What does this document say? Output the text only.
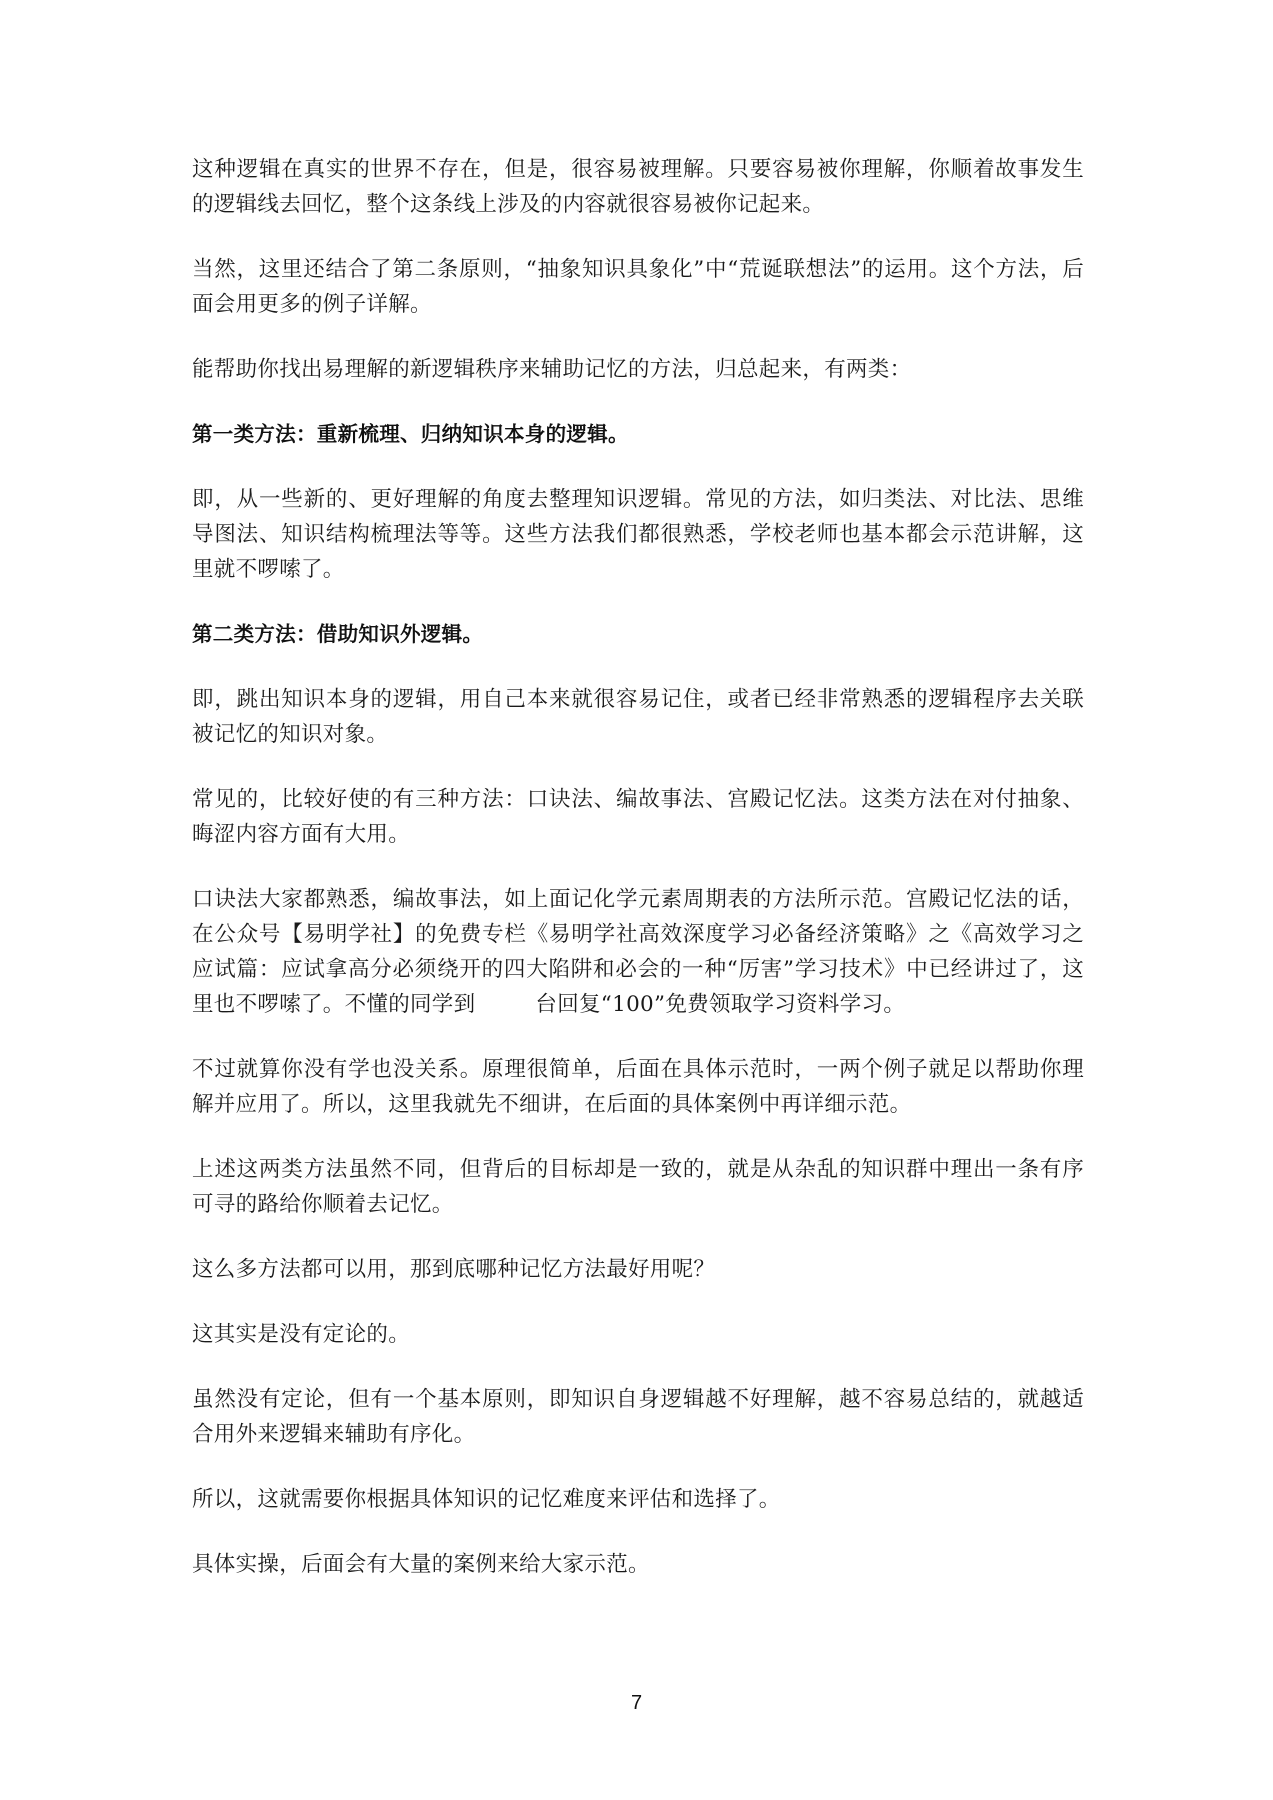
这种逻辑在真实的世界不存在，但是，很容易被理解。只要容易被你理解，你顺着故事发生的逻辑线去回忆，整个这条线上涉及的内容就很容易被你记起来。

当然，这里还结合了第二条原则，“抽象知识具象化”中“荒诞联想法”的运用。这个方法，后面会用更多的例子详解。

能帮助你找出易理解的新逻辑秩序来辅助记忆的方法，归总起来，有两类：

第一类方法：重新梳理、归纳知识本身的逻辑。

即，从一些新的、更好理解的角度去整理知识逻辑。常见的方法，如归类法、对比法、思维导图法、知识结构梳理法等等。这些方法我们都很熟悉，学校老师也基本都会示范讲解，这里就不啰嗦了。

第二类方法：借助知识外逻辑。

即，跳出知识本身的逻辑，用自己本来就很容易记住，或者已经非常熟悉的逻辑程序去关联被记忆的知识对象。

常见的，比较好使的有三种方法：口诀法、编故事法、宫殿记忆法。这类方法在对付抽象、晦涩内容方面有大用。

口诀法大家都熟悉，编故事法，如上面记化学元素周期表的方法所示范。宫殿记忆法的话，在公众号【易明学社】的免费专栏《易明学社高效深度学习必备经济策略》之《高效学习之应试篇：应试拿高分必须绕开的四大陷阱和必会的一种“厉害”学习技术》中已经讲过了，这里也不啰嗦了。不懂的同学到	台回复“100”免费领取学习资料学习。

不过就算你没有学也没关系。原理很简单，后面在具体示范时，一两个例子就足以帮助你理解并应用了。所以，这里我就先不细讲，在后面的具体案例中再详细示范。

上述这两类方法虽然不同，但背后的目标却是一致的，就是从杂乱的知识群中理出一条有序可寻的路给你顺着去记忆。

这么多方法都可以用，那到底哪种记忆方法最好用呢？

这其实是没有定论的。

虽然没有定论，但有一个基本原则，即知识自身逻辑越不好理解，越不容易总结的，就越适合用外来逻辑来辅助有序化。

所以，这就需要你根据具体知识的记忆难度来评估和选择了。

具体实操，后面会有大量的案例来给大家示范。

7
